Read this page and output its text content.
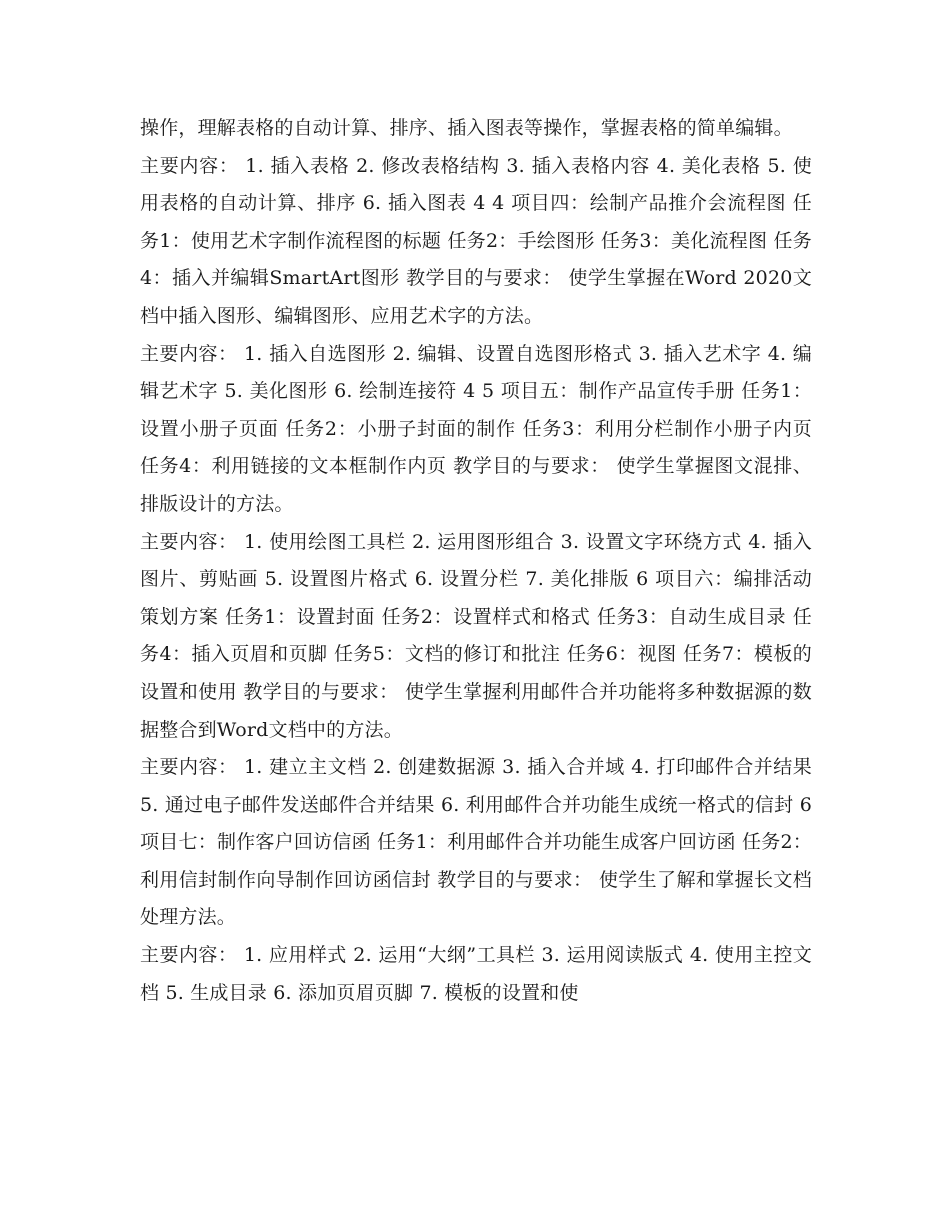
操作，理解表格的自动计算、排序、插入图表等操作，掌握表格的简单编辑。

主要内容： 1. 插入表格 2. 修改表格结构 3. 插入表格内容 4. 美化表格 5. 使用表格的自动计算、排序 6. 插入图表 4 4 项目四：绘制产品推介会流程图 任务1：使用艺术字制作流程图的标题 任务2：手绘图形 任务3：美化流程图 任务4：插入并编辑SmartArt图形 教学目的与要求： 使学生掌握在Word 2020文档中插入图形、编辑图形、应用艺术字的方法。

主要内容： 1. 插入自选图形 2. 编辑、设置自选图形格式 3. 插入艺术字 4. 编辑艺术字 5. 美化图形 6. 绘制连接符 4 5 项目五：制作产品宣传手册 任务1：设置小册子页面 任务2：小册子封面的制作 任务3：利用分栏制作小册子内页 任务4：利用链接的文本框制作内页 教学目的与要求： 使学生掌握图文混排、排版设计的方法。

主要内容： 1. 使用绘图工具栏 2. 运用图形组合 3. 设置文字环绕方式 4. 插入图片、剪贴画 5. 设置图片格式 6. 设置分栏 7. 美化排版 6 项目六：编排活动策划方案 任务1：设置封面 任务2：设置样式和格式 任务3：自动生成目录 任务4：插入页眉和页脚 任务5：文档的修订和批注 任务6：视图 任务7：模板的设置和使用 教学目的与要求： 使学生掌握利用邮件合并功能将多种数据源的数据整合到Word文档中的方法。

主要内容： 1. 建立主文档 2. 创建数据源 3. 插入合并域 4. 打印邮件合并结果 5. 通过电子邮件发送邮件合并结果 6. 利用邮件合并功能生成统一格式的信封 6 项目七：制作客户回访信函 任务1：利用邮件合并功能生成客户回访函 任务2：利用信封制作向导制作回访函信封 教学目的与要求： 使学生了解和掌握长文档处理方法。

主要内容： 1. 应用样式 2. 运用“大纲”工具栏 3. 运用阅读版式 4. 使用主控文档 5. 生成目录 6. 添加页眉页脚 7. 模板的设置和使
